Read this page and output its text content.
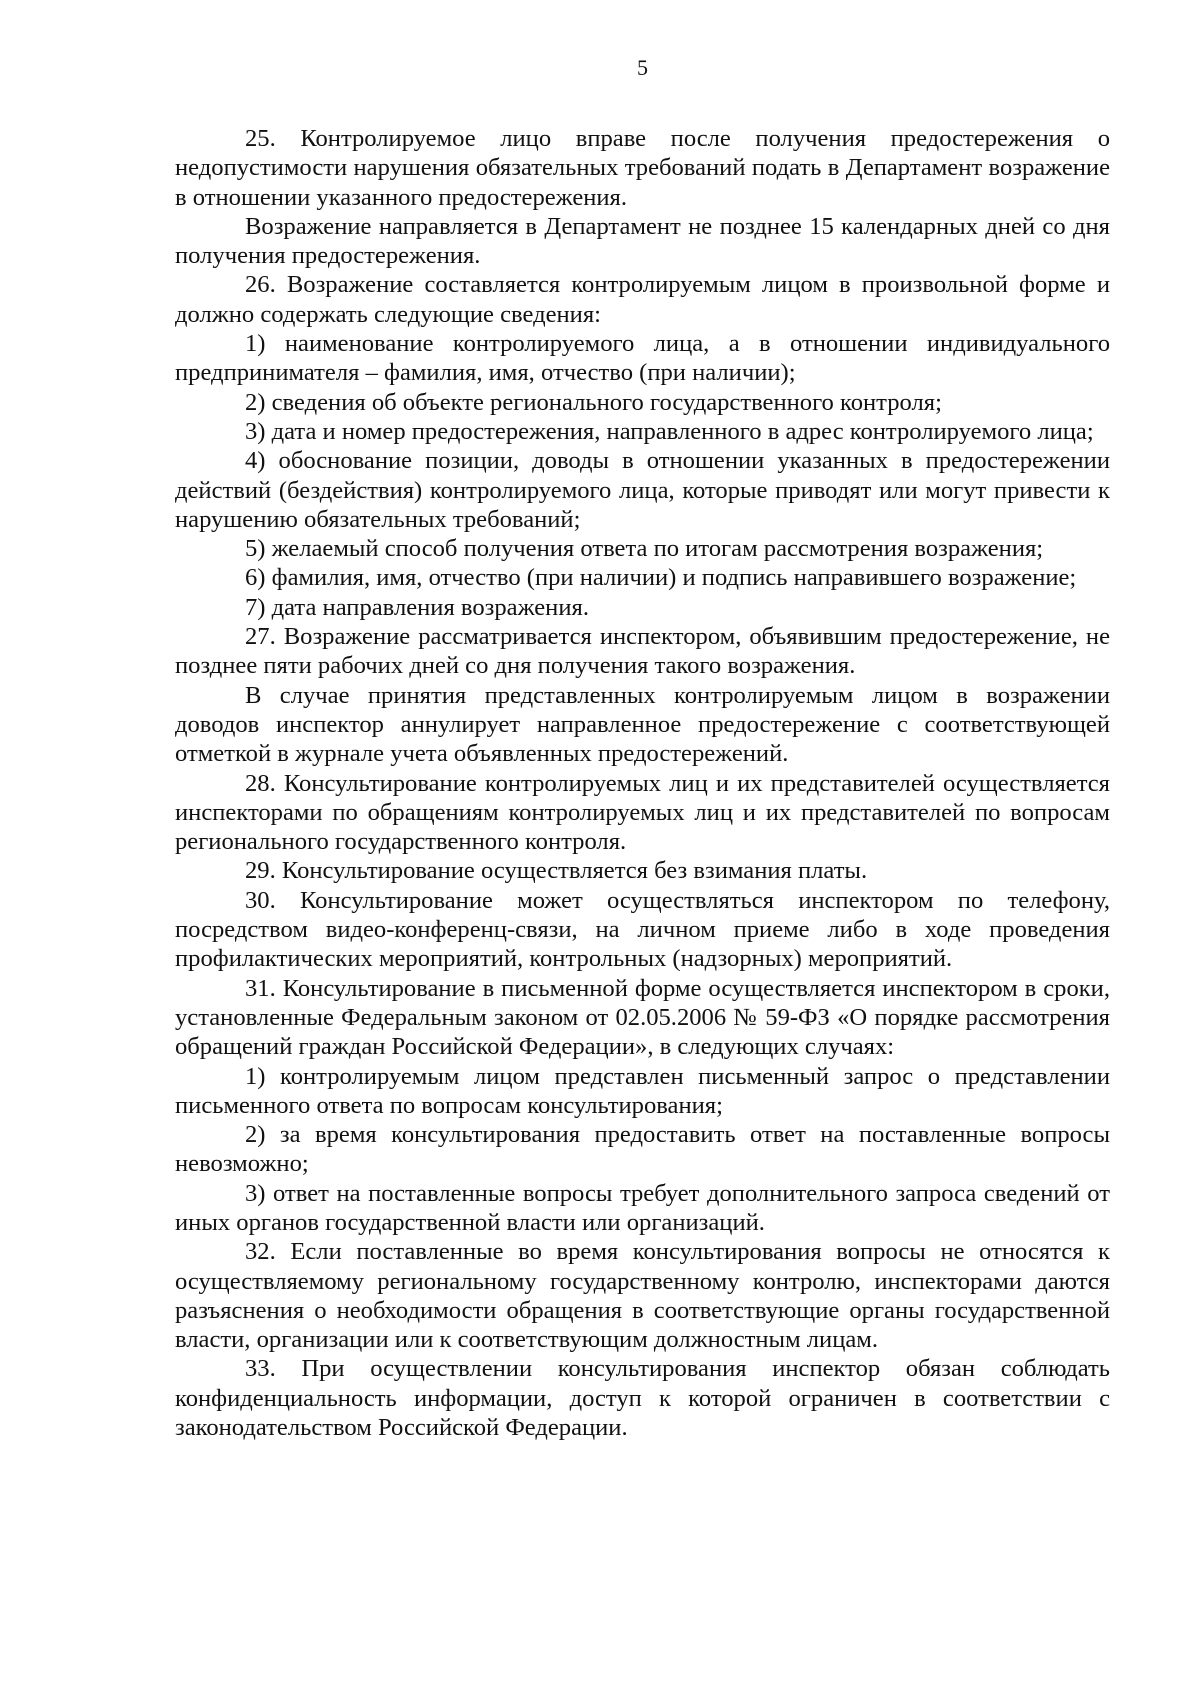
5

25. Контролируемое лицо вправе после получения предостережения о недопустимости нарушения обязательных требований подать в Департамент возражение в отношении указанного предостережения.

Возражение направляется в Департамент не позднее 15 календарных дней со дня получения предостережения.

26. Возражение составляется контролируемым лицом в произвольной форме и должно содержать следующие сведения:

1) наименование контролируемого лица, а в отношении индивидуального предпринимателя – фамилия, имя, отчество (при наличии);

2) сведения об объекте регионального государственного контроля;

3) дата и номер предостережения, направленного в адрес контролируемого лица;

4) обоснование позиции, доводы в отношении указанных в предостережении действий (бездействия) контролируемого лица, которые приводят или могут привести к нарушению обязательных требований;

5) желаемый способ получения ответа по итогам рассмотрения возражения;

6) фамилия, имя, отчество (при наличии) и подпись направившего возражение;

7) дата направления возражения.

27. Возражение рассматривается инспектором, объявившим предостережение, не позднее пяти рабочих дней со дня получения такого возражения.

В случае принятия представленных контролируемым лицом в возражении доводов инспектор аннулирует направленное предостережение с соответствующей отметкой в журнале учета объявленных предостережений.

28. Консультирование контролируемых лиц и их представителей осуществляется инспекторами по обращениям контролируемых лиц и их представителей по вопросам регионального государственного контроля.

29. Консультирование осуществляется без взимания платы.

30. Консультирование может осуществляться инспектором по телефону, посредством видео-конференц-связи, на личном приеме либо в ходе проведения профилактических мероприятий, контрольных (надзорных) мероприятий.

31. Консультирование в письменной форме осуществляется инспектором в сроки, установленные Федеральным законом от 02.05.2006 № 59-ФЗ «О порядке рассмотрения обращений граждан Российской Федерации», в следующих случаях:

1) контролируемым лицом представлен письменный запрос о представлении письменного ответа по вопросам консультирования;

2) за время консультирования предоставить ответ на поставленные вопросы невозможно;

3) ответ на поставленные вопросы требует дополнительного запроса сведений от иных органов государственной власти или организаций.

32. Если поставленные во время консультирования вопросы не относятся к осуществляемому региональному государственному контролю, инспекторами даются разъяснения о необходимости обращения в соответствующие органы государственной власти, организации или к соответствующим должностным лицам.

33. При осуществлении консультирования инспектор обязан соблюдать конфиденциальность информации, доступ к которой ограничен в соответствии с законодательством Российской Федерации.
